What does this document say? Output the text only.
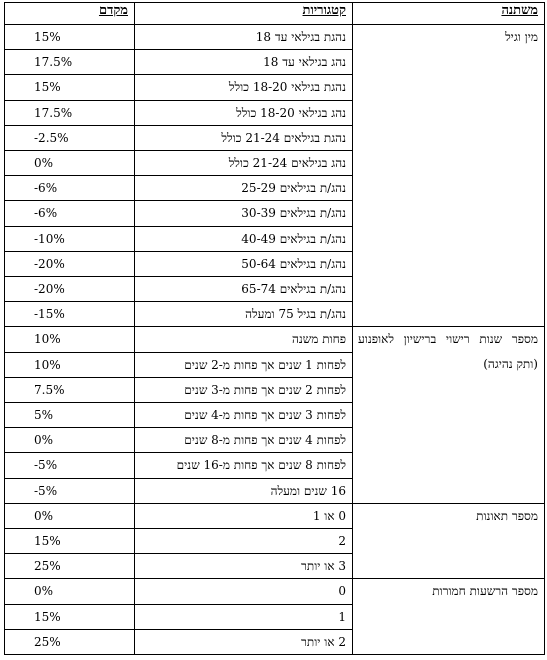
מקדם	קטגוריות	משתנה
מין וגיל
נהגת בגילאי עד 18
15%
נהג בגילאי עד 18
17.5%
נהגת בגילאי 18-20 כולל
15%
נהג בגילאי 18-20 כולל
17.5%
נהגת בגילאים 21-24 כולל
-2.5%
נהג בגילאים 21-24 כולל
0%
נהג/ת בגילאים 25-29
-6%
נהג/ת בגילאים 30-39
-6%
נהג/ת בגילאים 40-49
-10%
נהג/ת בגילאים 50-64
-20%
נהג/ת בגילאים 65-74
-20%
נהג/ת בגיל 75 ומעלה
-15%
מספר שנות רישוי ברישיון לאופנוע (ותק נהיגה)
פחות משנה
10%
לפחות 1 שנים אך פחות מ-2 שנים
10%
לפחות 2 שנים אך פחות מ-3 שנים
7.5%
לפחות 3 שנים אך פחות מ-4 שנים
5%
לפחות 4 שנים אך פחות מ-8 שנים
0%
לפחות 8 שנים אך פחות מ-16 שנים
-5%
16 שנים ומעלה
-5%
מספר תאונות
0 או 1
0%
2
15%
3 או יותר
25%
מספר הרשעות חמורות
0
0%
1
15%
2 או יותר
25%
